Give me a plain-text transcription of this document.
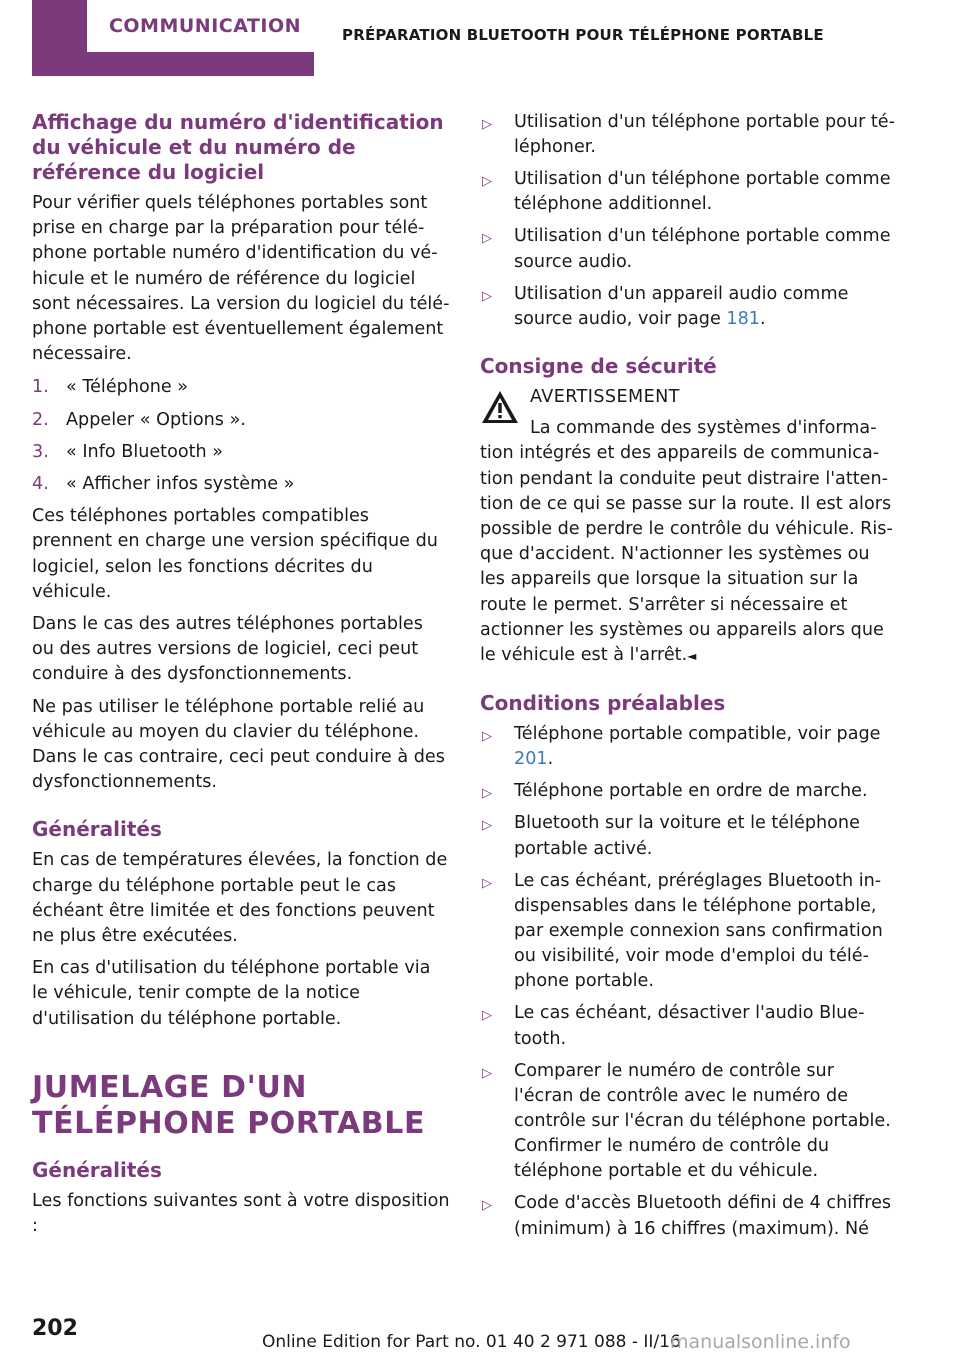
COMMUNICATION	PRÉPARATION BLUETOOTH POUR TÉLÉPHONE PORTABLE
Affichage du numéro d'identification du véhicule et du numéro de référence du logiciel

Pour vérifier quels téléphones portables sont prise en charge par la préparation pour téléphone portable numéro d'identification du véhicule et le numéro de référence du logiciel sont nécessaires. La version du logiciel du téléphone portable est éventuellement également nécessaire.

1. « Téléphone »
2. Appeler « Options ».
3. « Info Bluetooth »
4. « Afficher infos système »

Ces téléphones portables compatibles prennent en charge une version spécifique du logiciel, selon les fonctions décrites du véhicule.

Dans le cas des autres téléphones portables ou des autres versions de logiciel, ceci peut conduire à des dysfonctionnements.

Ne pas utiliser le téléphone portable relié au véhicule au moyen du clavier du téléphone. Dans le cas contraire, ceci peut conduire à des dysfonctionnements.

Généralités

En cas de températures élevées, la fonction de charge du téléphone portable peut le cas échéant être limitée et des fonctions peuvent ne plus être exécutées.

En cas d'utilisation du téléphone portable via le véhicule, tenir compte de la notice d'utilisation du téléphone portable.

JUMELAGE D'UN TÉLÉPHONE PORTABLE
Généralités

Les fonctions suivantes sont à votre disposition :

▷ Utilisation d'un téléphone portable pour téléphoner.
▷ Utilisation d'un téléphone portable comme téléphone additionnel.
▷ Utilisation d'un téléphone portable comme source audio.
▷ Utilisation d'un appareil audio comme source audio, voir page 181.
Consigne de sécurité
AVERTISSEMENT

La commande des systèmes d'information intégrés et des appareils de communication pendant la conduite peut distraire l'attention de ce qui se passe sur la route. Il est alors possible de perdre le contrôle du véhicule. Risque d'accident. N'actionner les systèmes ou les appareils que lorsque la situation sur la route le permet. S'arrêter si nécessaire et actionner les systèmes ou appareils alors que le véhicule est à l'arrêt.◄

Conditions préalables
▷ Téléphone portable compatible, voir page 201.
▷ Téléphone portable en ordre de marche.
▷ Bluetooth sur la voiture et le téléphone portable activé.
▷ Le cas échéant, préréglages Bluetooth indispensables dans le téléphone portable, par exemple connexion sans confirmation ou visibilité, voir mode d'emploi du téléphone portable.
▷ Le cas échéant, désactiver l'audio Bluetooth.
▷ Comparer le numéro de contrôle sur l'écran de contrôle avec le numéro de contrôle sur l'écran du téléphone portable. Confirmer le numéro de contrôle du téléphone portable et du véhicule.
▷ Code d'accès Bluetooth défini de 4 chiffres (minimum) à 16 chiffres (maximum). Né
202
Online Edition for Part no. 01 40 2 971 088 - II/16
manualsonline.info
